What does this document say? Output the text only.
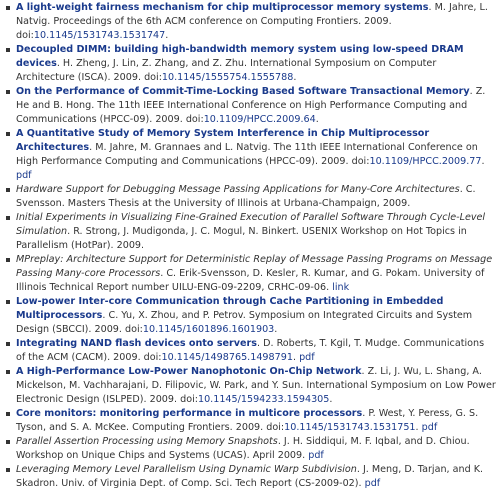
A light-weight fairness mechanism for chip multiprocessor memory systems. M. Jahre, L. Natvig. Proceedings of the 6th ACM conference on Computing Frontiers. 2009. doi:10.1145/1531743.1531747.
Decoupled DIMM: building high-bandwidth memory system using low-speed DRAM devices. H. Zheng, J. Lin, Z. Zhang, and Z. Zhu. International Symposium on Computer Architecture (ISCA). 2009. doi:10.1145/1555754.1555788.
On the Performance of Commit-Time-Locking Based Software Transactional Memory. Z. He and B. Hong. The 11th IEEE International Conference on High Performance Computing and Communications (HPCC-09). 2009. doi:10.1109/HPCC.2009.64.
A Quantitative Study of Memory System Interference in Chip Multiprocessor Architectures. M. Jahre, M. Grannaes and L. Natvig. The 11th IEEE International Conference on High Performance Computing and Communications (HPCC-09). 2009. doi:10.1109/HPCC.2009.77. pdf
Hardware Support for Debugging Message Passing Applications for Many-Core Architectures. C. Svensson. Masters Thesis at the University of Illinois at Urbana-Champaign, 2009.
Initial Experiments in Visualizing Fine-Grained Execution of Parallel Software Through Cycle-Level Simulation. R. Strong, J. Mudigonda, J. C. Mogul, N. Binkert. USENIX Workshop on Hot Topics in Parallelism (HotPar). 2009.
MPreplay: Architecture Support for Deterministic Replay of Message Passing Programs on Message Passing Many-core Processors. C. Erik-Svensson, D. Kesler, R. Kumar, and G. Pokam. University of Illinois Technical Report number UILU-ENG-09-2209, CRHC-09-06. link
Low-power Inter-core Communication through Cache Partitioning in Embedded Multiprocessors. C. Yu, X. Zhou, and P. Petrov. Symposium on Integrated Circuits and System Design (SBCCI). 2009. doi:10.1145/1601896.1601903.
Integrating NAND flash devices onto servers. D. Roberts, T. Kgil, T. Mudge. Communications of the ACM (CACM). 2009. doi:10.1145/1498765.1498791. pdf
A High-Performance Low-Power Nanophotonic On-Chip Network. Z. Li, J. Wu, L. Shang, A. Mickelson, M. Vachharajani, D. Filipovic, W. Park, and Y. Sun. International Symposium on Low Power Electronic Design (ISLPED). 2009. doi:10.1145/1594233.1594305.
Core monitors: monitoring performance in multicore processors. P. West, Y. Peress, G. S. Tyson, and S. A. McKee. Computing Frontiers. 2009. doi:10.1145/1531743.1531751. pdf
Parallel Assertion Processing using Memory Snapshots. J. H. Siddiqui, M. F. Iqbal, and D. Chiou. Workshop on Unique Chips and Systems (UCAS). April 2009. pdf
Leveraging Memory Level Parallelism Using Dynamic Warp Subdivision. J. Meng, D. Tarjan, and K. Skadron. Univ. of Virginia Dept. of Comp. Sci. Tech Report (CS-2009-02). pdf
